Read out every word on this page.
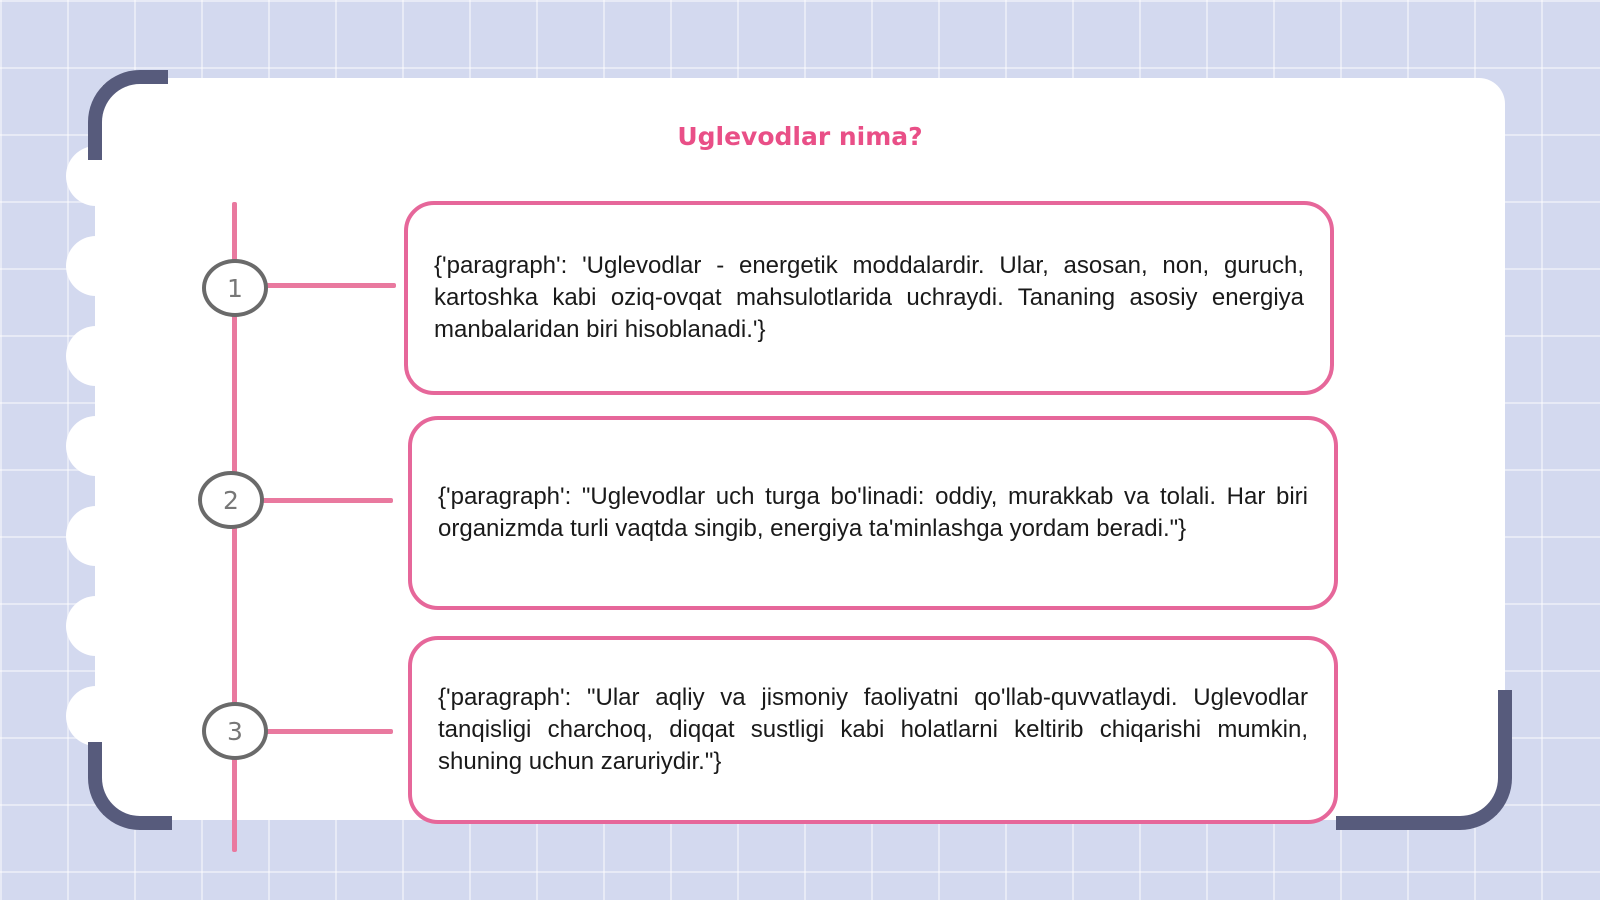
Uglevodlar nima?
1
2
3
{'paragraph': 'Uglevodlar - energetik moddalardir. Ular, asosan, non, guruch, kartoshka kabi oziq-ovqat mahsulotlarida uchraydi. Tananing asosiy energiya manbalaridan biri hisoblanadi.'}
{'paragraph': "Uglevodlar uch turga bo'linadi: oddiy, murakkab va tolali. Har biri organizmda turli vaqtda singib, energiya ta'minlashga yordam beradi."}
{'paragraph': "Ular aqliy va jismoniy faoliyatni qo'llab-quvvatlaydi. Uglevodlar tanqisligi charchoq, diqqat sustligi kabi holatlarni keltirib chiqarishi mumkin, shuning uchun zaruriydir."}
